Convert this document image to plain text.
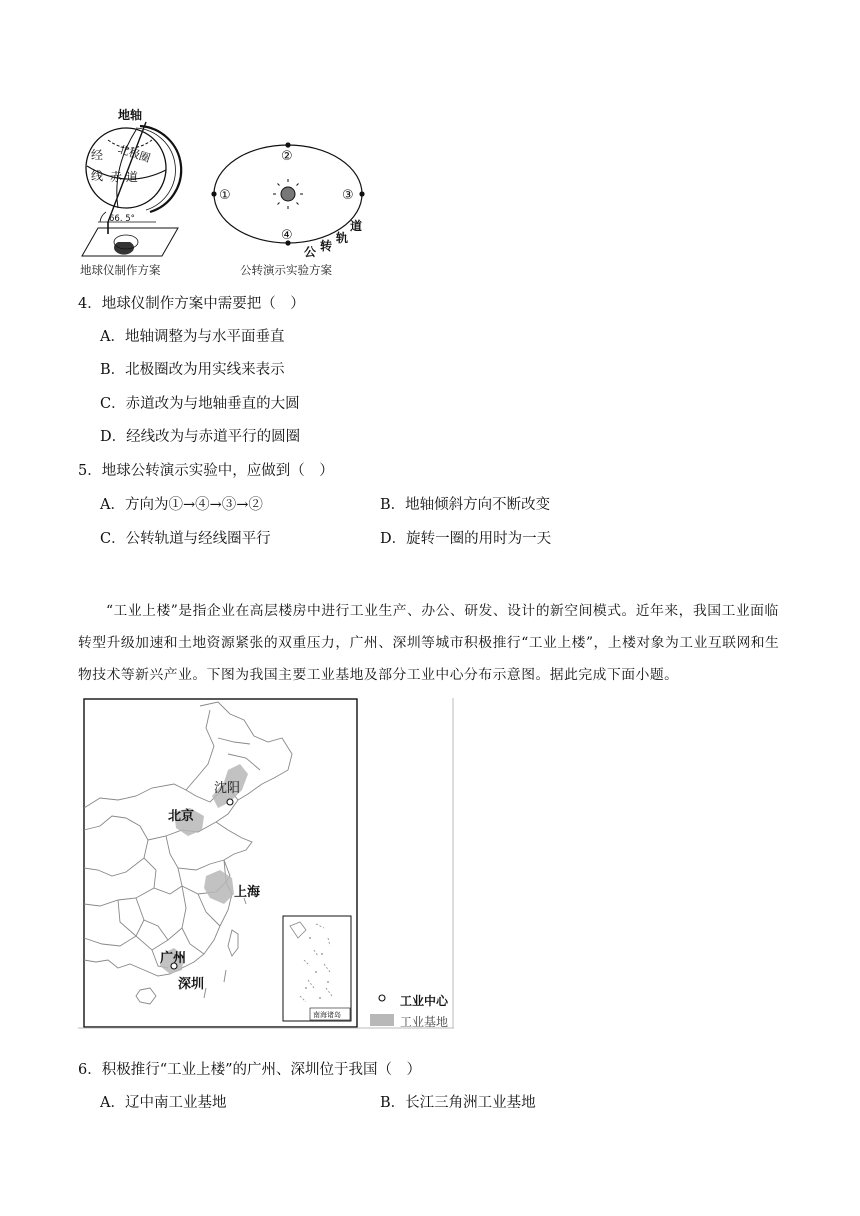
地轴
经
线
北极圈
赤 道
66. 5°
地球仪制作方案
①
②
③
④
道
轨
转
公
公转演示实验方案
4．地球仪制作方案中需要把（　）
A．地轴调整为与水平面垂直
B．北极圈改为用实线来表示
C．赤道改为与地轴垂直的大圆
D．经线改为与赤道平行的圆圈
5．地球公转演示实验中，应做到（　）
A．方向为①→④→③→②	B．地轴倾斜方向不断改变
C．公转轨道与经线圈平行	D．旋转一圈的用时为一天
“工业上楼”是指企业在高层楼房中进行工业生产、办公、研发、设计的新空间模式。近年来，我国工业面临转型升级加速和土地资源紧张的双重压力，广州、深圳等城市积极推行“工业上楼”，上楼对象为工业互联网和生物技术等新兴产业。下图为我国主要工业基地及部分工业中心分布示意图。据此完成下面小题。
沈阳
北京
上海
广州
深圳
南海诸岛
工业中心
工业基地
6．积极推行“工业上楼”的广州、深圳位于我国（　）
A．辽中南工业基地	B．长江三角洲工业基地
